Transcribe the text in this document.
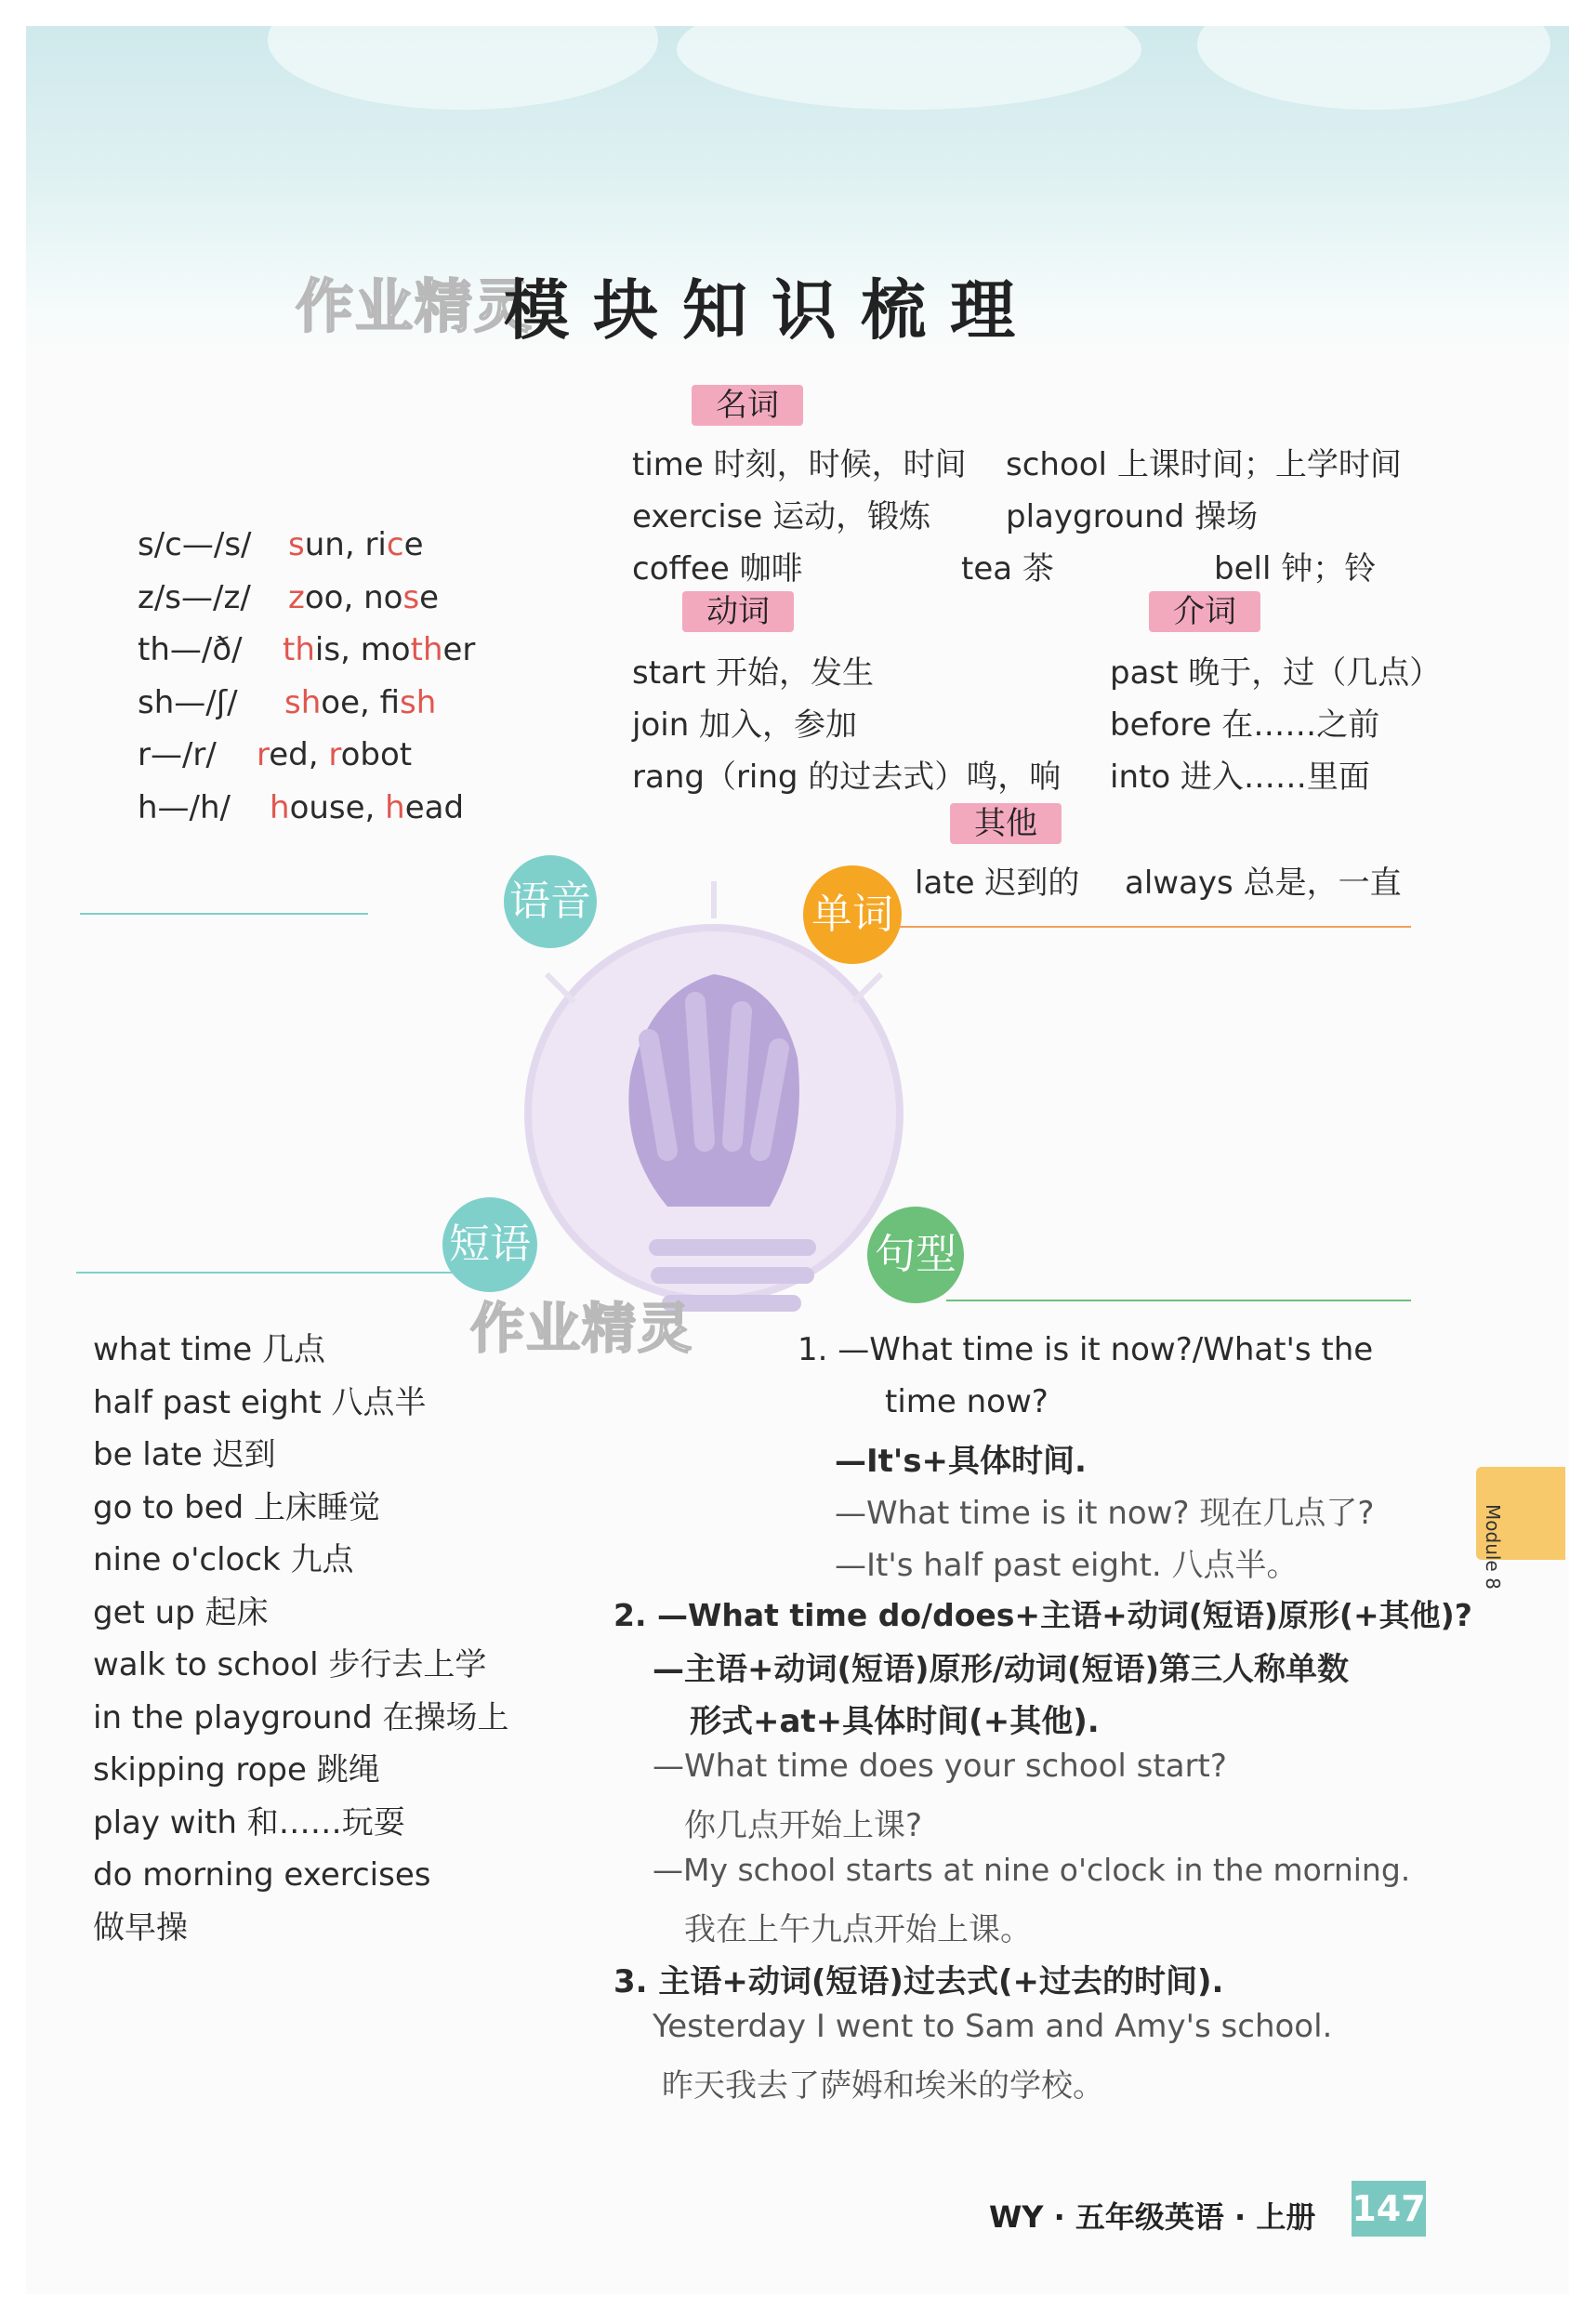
作业精灵
模块知识梳理
语音	单词
短语	句型
名词
time 时刻，时候，时间 school 上课时间；上学时间
exercise 运动，锻炼 playground 操场
coffee 咖啡	tea 茶	bell 钟；铃
动词
start 开始，发生
join 加入，参加
rang（ring 的过去式）鸣，响
介词
past 晚于，过（几点）
before 在……之前
into 进入……里面
其他
late 迟到的 always 总是，一直
s/c—/s/ sun, rice
z/s—/z/ zoo, nose
th—/ð/ this, mother
sh—/ʃ/ shoe, fish
r—/r/ red, robot
h—/h/ house, head
作业精灵
what time 几点
half past eight 八点半
be late 迟到
go to bed 上床睡觉
nine o'clock 九点
get up 起床
walk to school 步行去上学
in the playground 在操场上
skipping rope 跳绳
play with 和……玩耍
do morning exercises
做早操
1. —What time is it now?/What's the
time now?
—It's+具体时间.
—What time is it now? 现在几点了?
—It's half past eight. 八点半。
2. —What time do/does+主语+动词(短语)原形(+其他)?
—主语+动词(短语)原形/动词(短语)第三人称单数
形式+at+具体时间(+其他).
—What time does your school start?
你几点开始上课?
—My school starts at nine o'clock in the morning.
我在上午九点开始上课。
3. 主语+动词(短语)过去式(+过去的时间).
Yesterday I went to Sam and Amy's school.
昨天我去了萨姆和埃米的学校。
Module 8
WY · 五年级英语 · 上册 147
